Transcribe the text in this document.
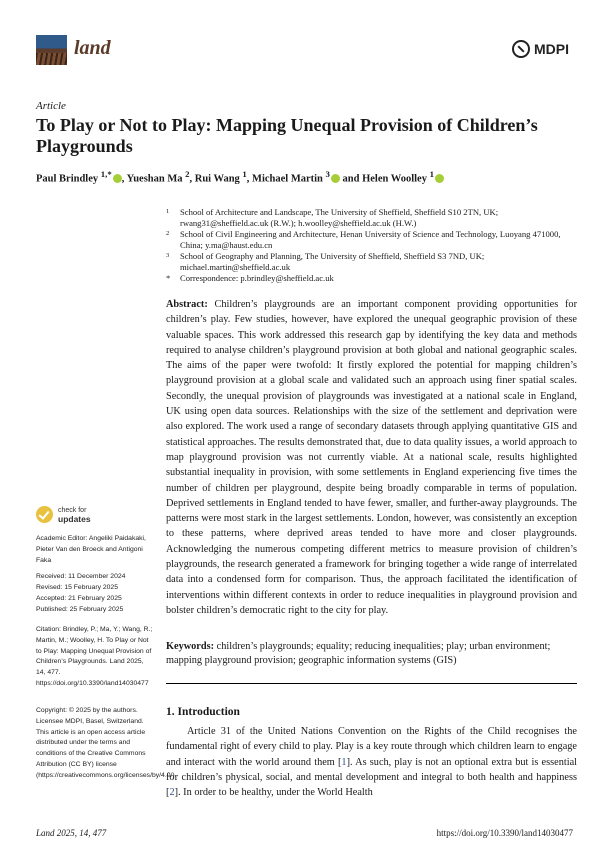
land	MDPI
Article
To Play or Not to Play: Mapping Unequal Provision of Children’s Playgrounds
Paul Brindley $^{1,*}$ , Yueshan Ma $^2$, Rui Wang $^1$, Michael Martin $^3$ and Helen Woolley $^1$
1 School of Architecture and Landscape, The University of Sheffield, Sheffield S10 2TN, UK; rwang31@sheffield.ac.uk (R.W.); h.woolley@sheffield.ac.uk (H.W.)
2 School of Civil Engineering and Architecture, Henan University of Science and Technology, Luoyang 471000, China; y.ma@haust.edu.cn
3 School of Geography and Planning, The University of Sheffield, Sheffield S3 7ND, UK; michael.martin@sheffield.ac.uk
* Correspondence: p.brindley@sheffield.ac.uk

Abstract: Children’s playgrounds are an important component providing opportunities for children’s play. Few studies, however, have explored the unequal geographic provision of these valuable spaces. This work addressed this research gap by identifying the key data and methods required to analyse children’s playground provision at both global and national geographic scales. The aims of the paper were twofold: It firstly explored the potential for mapping children’s playground provision at a global scale and validated such an approach using finer spatial scales. Secondly, the unequal provision of playgrounds was investigated at a national scale in England, UK using open data sources. Relationships with the size of the settlement and deprivation were also explored. The work used a range of secondary datasets through applying quantitative GIS and statistical approaches. The results demonstrated that, due to data quality issues, a world approach to map playground provision was not currently viable. At a national scale, results highlighted substantial inequality in provision, with some settlements in England experiencing five times the number of children per playground, despite being broadly comparable in terms of population. Deprived settlements in England tended to have fewer, smaller, and further-away playgrounds. The patterns were most stark in the largest settlements. London, however, was consistently an exception to these patterns, where deprived areas tended to have more and closer playgrounds. Acknowledging the numerous competing different metrics to measure provision of children’s playgrounds, the research generated a framework for bringing together a wide range of interrelated data into a condensed form for comparison. Thus, the approach facilitated the identification of interventions within different contexts in order to reduce inequalities in playground provision and bolster children’s democratic right to the city for play.

Keywords: children’s playgrounds; equality; reducing inequalities; play; urban environment; mapping playground provision; geographic information systems (GIS)

1. Introduction

Article 31 of the United Nations Convention on the Rights of the Child recognises the fundamental right of every child to play. Play is a key route through which children learn to engage and interact with the world around them [1]. As such, play is not an optional extra but is essential for children’s physical, social, and mental development and integral to both health and happiness [2]. In order to be healthy, under the World Health

check for
updates
Academic Editor: Angeliki Paidakaki, Pieter Van den Broeck and Antigoni Faka
Received: 11 December 2024
Revised: 15 February 2025
Accepted: 21 February 2025
Published: 25 February 2025
Citation: Brindley, P.; Ma, Y.; Wang, R.; Martin, M.; Woolley, H. To Play or Not to Play: Mapping Unequal Provision of Children’s Playgrounds. Land 2025, 14, 477. https://doi.org/10.3390/land14030477
Copyright: © 2025 by the authors. Licensee MDPI, Basel, Switzerland. This article is an open access article distributed under the terms and conditions of the Creative Commons Attribution (CC BY) license (https://creativecommons.org/licenses/by/4.0/).
Land 2025, 14, 477	https://doi.org/10.3390/land14030477
